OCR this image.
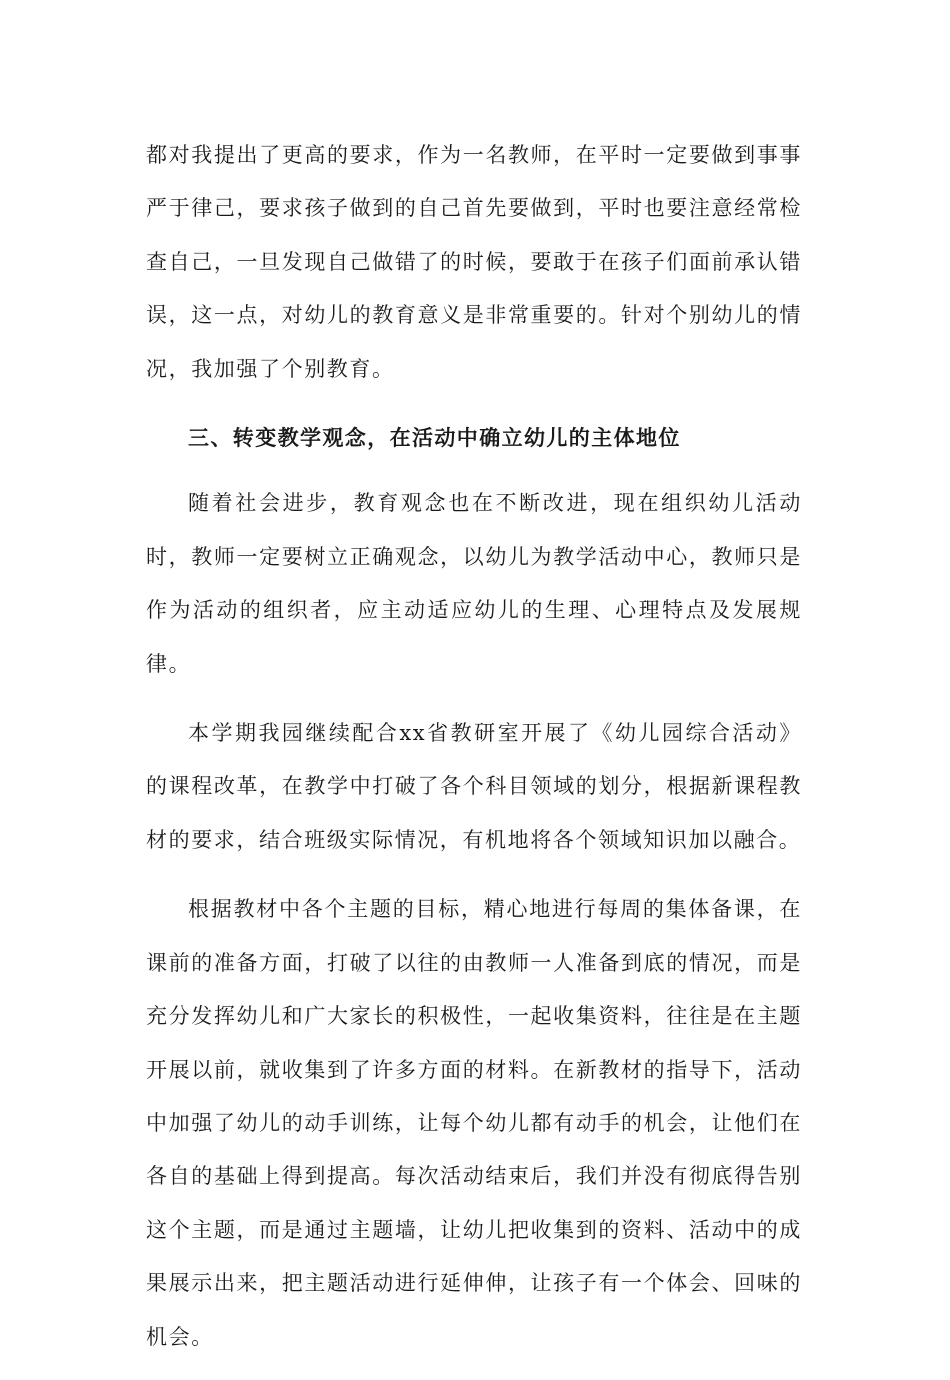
都对我提出了更高的要求，作为一名教师，在平时一定要做到事事严于律己，要求孩子做到的自己首先要做到，平时也要注意经常检查自己，一旦发现自己做错了的时候，要敢于在孩子们面前承认错误，这一点，对幼儿的教育意义是非常重要的。针对个别幼儿的情况，我加强了个别教育。

三、转变教学观念，在活动中确立幼儿的主体地位

随着社会进步，教育观念也在不断改进，现在组织幼儿活动时，教师一定要树立正确观念，以幼儿为教学活动中心，教师只是作为活动的组织者，应主动适应幼儿的生理、心理特点及发展规律。

本学期我园继续配合xx省教研室开展了《幼儿园综合活动》的课程改革，在教学中打破了各个科目领域的划分，根据新课程教材的要求，结合班级实际情况，有机地将各个领域知识加以融合。

根据教材中各个主题的目标，精心地进行每周的集体备课，在课前的准备方面，打破了以往的由教师一人准备到底的情况，而是充分发挥幼儿和广大家长的积极性，一起收集资料，往往是在主题开展以前，就收集到了许多方面的材料。在新教材的指导下，活动中加强了幼儿的动手训练，让每个幼儿都有动手的机会，让他们在各自的基础上得到提高。每次活动结束后，我们并没有彻底得告别这个主题，而是通过主题墙，让幼儿把收集到的资料、活动中的成果展示出来，把主题活动进行延伸伸，让孩子有一个体会、回味的机会。
